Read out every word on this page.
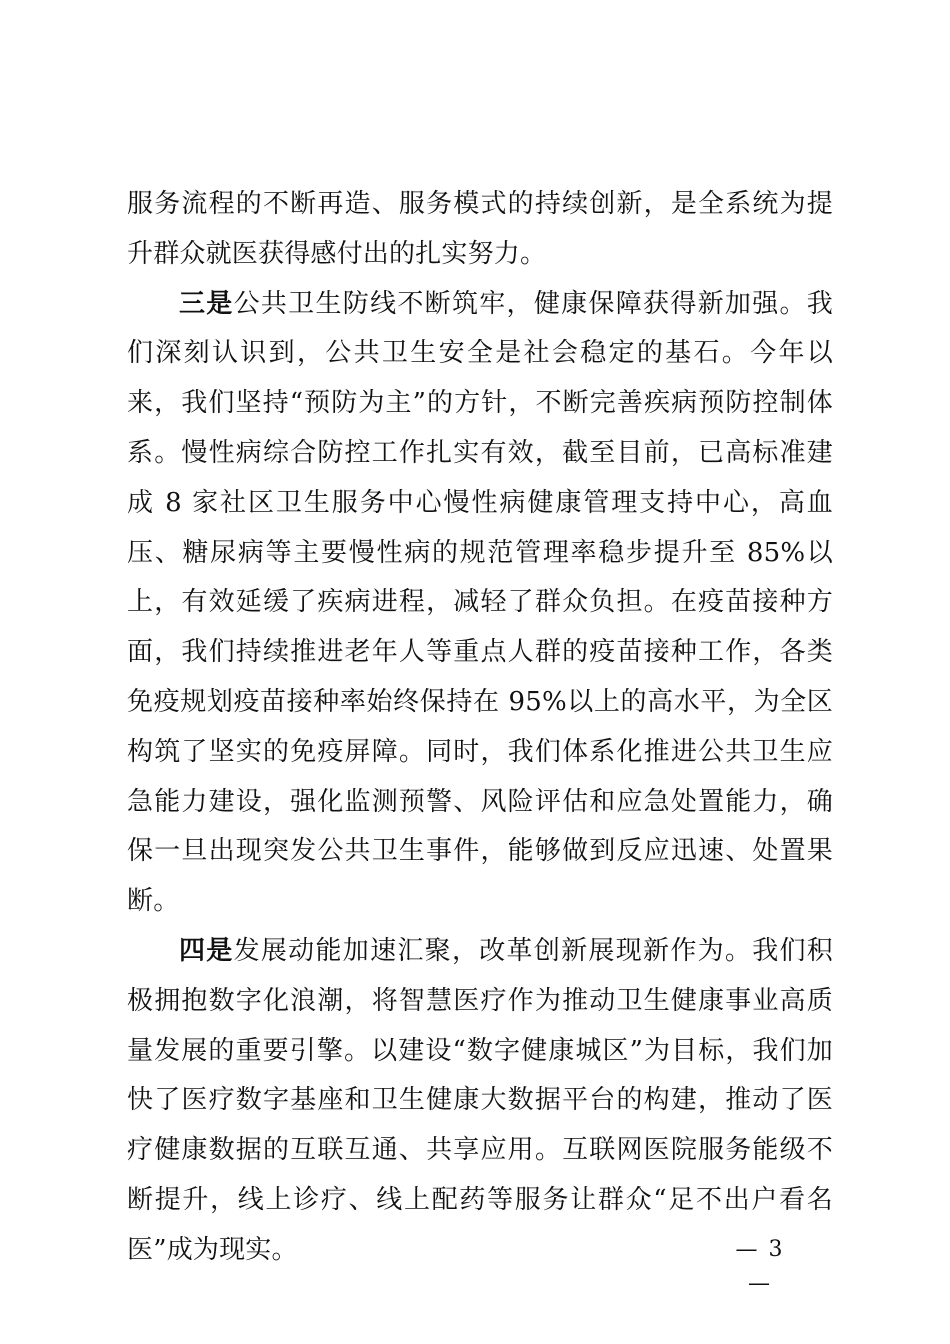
服务流程的不断再造、服务模式的持续创新，是全系统为提升群众就医获得感付出的扎实努力。

三是公共卫生防线不断筑牢，健康保障获得新加强。我们深刻认识到，公共卫生安全是社会稳定的基石。今年以来，我们坚持“预防为主”的方针，不断完善疾病预防控制体系。慢性病综合防控工作扎实有效，截至目前，已高标准建成 8 家社区卫生服务中心慢性病健康管理支持中心，高血压、糖尿病等主要慢性病的规范管理率稳步提升至 85%以上，有效延缓了疾病进程，减轻了群众负担。在疫苗接种方面，我们持续推进老年人等重点人群的疫苗接种工作，各类免疫规划疫苗接种率始终保持在 95%以上的高水平，为全区构筑了坚实的免疫屏障。同时，我们体系化推进公共卫生应急能力建设，强化监测预警、风险评估和应急处置能力，确保一旦出现突发公共卫生事件，能够做到反应迅速、处置果断。

四是发展动能加速汇聚，改革创新展现新作为。我们积极拥抱数字化浪潮，将智慧医疗作为推动卫生健康事业高质量发展的重要引擎。以建设“数字健康城区”为目标，我们加快了医疗数字基座和卫生健康大数据平台的构建，推动了医疗健康数据的互联互通、共享应用。互联网医院服务能级不断提升，线上诊疗、线上配药等服务让群众“足不出户看名医”成为现实。	— 3 —
